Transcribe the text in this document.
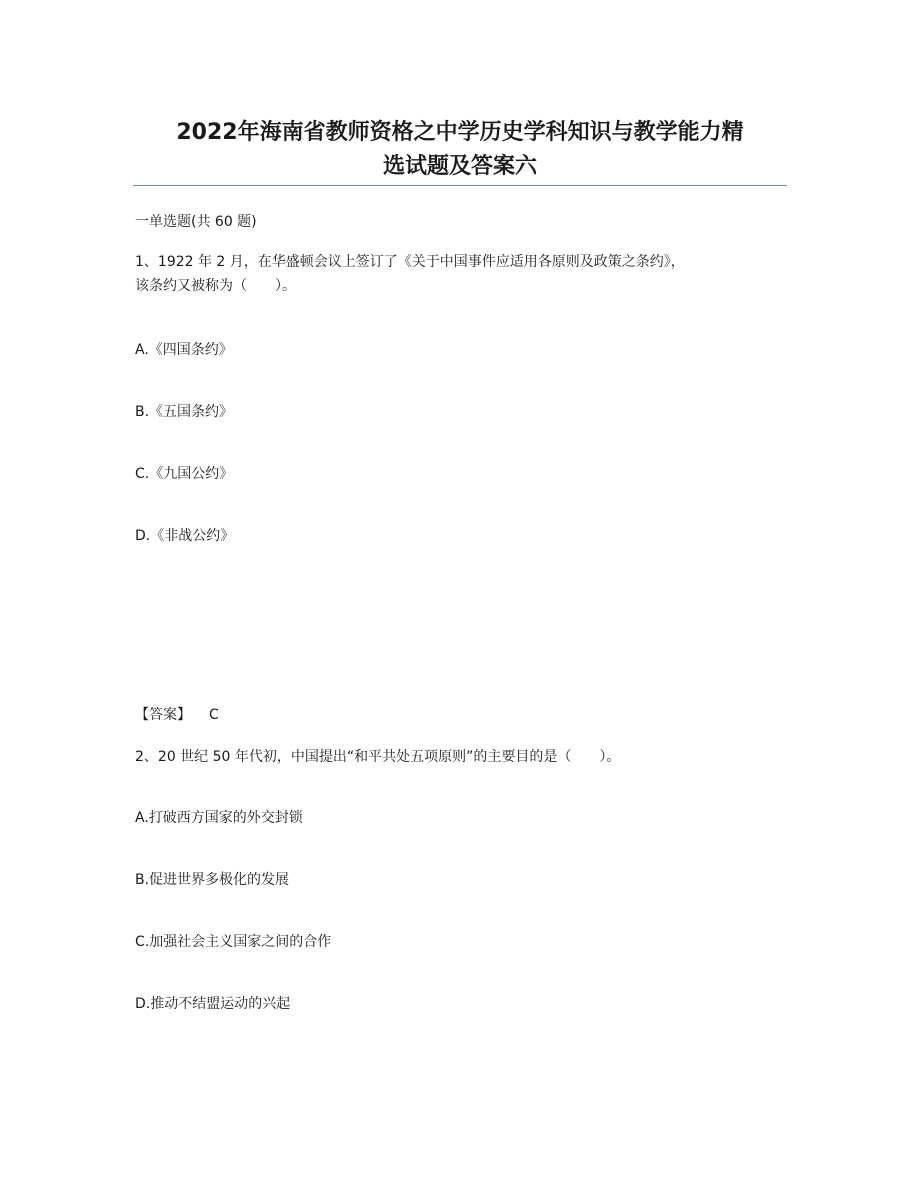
2022年海南省教师资格之中学历史学科知识与教学能力精
选试题及答案六
一单选题(共 60 题)
1、1922 年 2 月，在华盛顿会议上签订了《关于中国事件应适用各原则及政策之条约》，
该条约又被称为（　　）。
A.《四国条约》
B.《五国条约》
C.《九国公约》
D.《非战公约》
【答案】 C
2、20 世纪 50 年代初，中国提出“和平共处五项原则”的主要目的是（　　）。
A.打破西方国家的外交封锁
B.促进世界多极化的发展
C.加强社会主义国家之间的合作
D.推动不结盟运动的兴起
